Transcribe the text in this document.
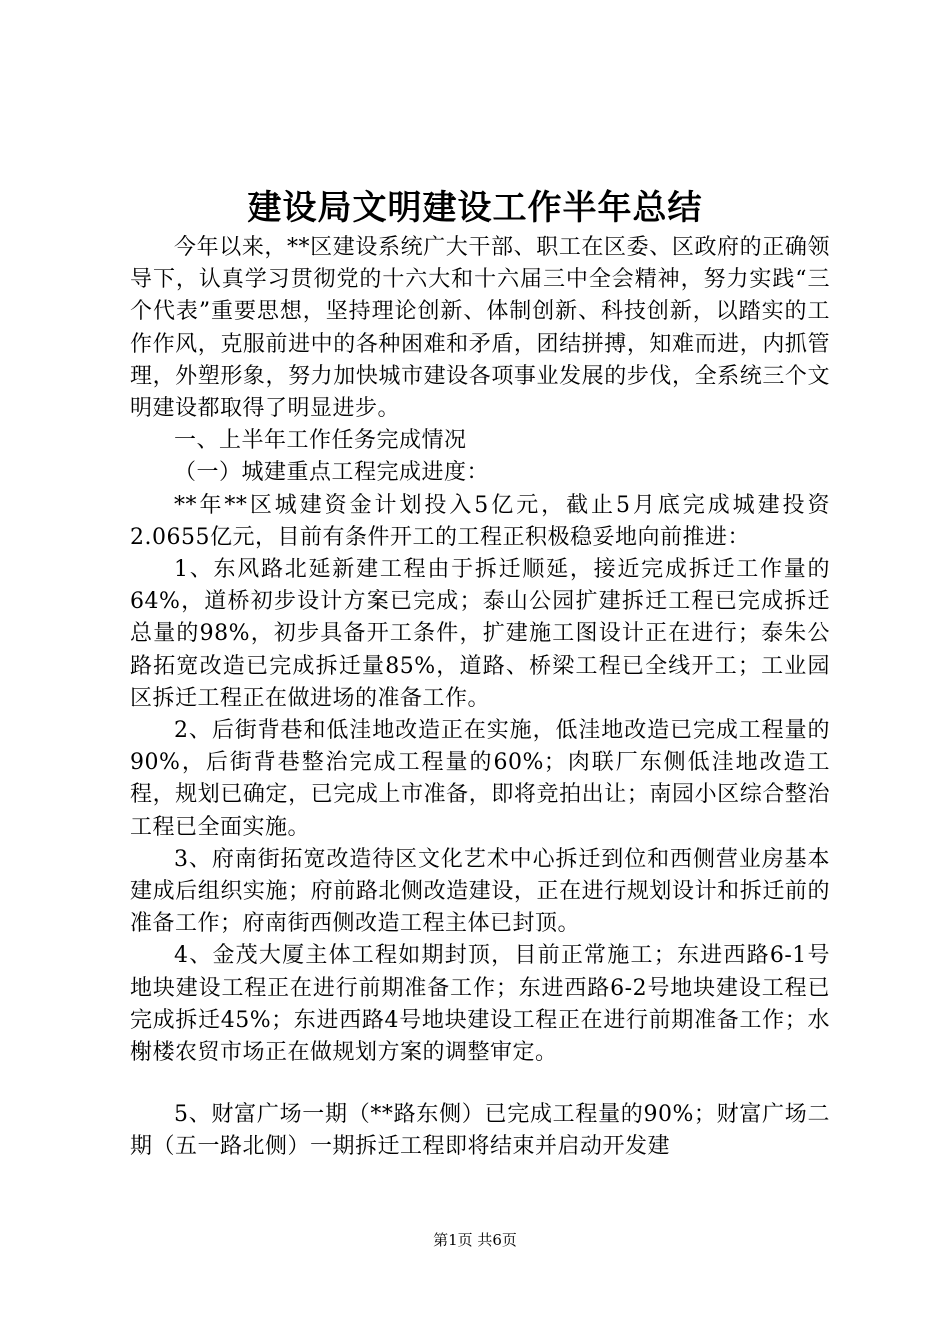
建设局文明建设工作半年总结

今年以来，**区建设系统广大干部、职工在区委、区政府的正确领导下，认真学习贯彻党的十六大和十六届三中全会精神，努力实践“三个代表”重要思想，坚持理论创新、体制创新、科技创新，以踏实的工作作风，克服前进中的各种困难和矛盾，团结拼搏，知难而进，内抓管理，外塑形象，努力加快城市建设各项事业发展的步伐，全系统三个文明建设都取得了明显进步。

一、上半年工作任务完成情况

（一）城建重点工程完成进度：

**年**区城建资金计划投入5亿元，截止5月底完成城建投资2.0655亿元，目前有条件开工的工程正积极稳妥地向前推进：

1、东风路北延新建工程由于拆迁顺延，接近完成拆迁工作量的64%，道桥初步设计方案已完成；泰山公园扩建拆迁工程已完成拆迁总量的98%，初步具备开工条件，扩建施工图设计正在进行；泰朱公路拓宽改造已完成拆迁量85%，道路、桥梁工程已全线开工；工业园区拆迁工程正在做进场的准备工作。

2、后街背巷和低洼地改造正在实施，低洼地改造已完成工程量的90%，后街背巷整治完成工程量的60%；肉联厂东侧低洼地改造工程，规划已确定，已完成上市准备，即将竞拍出让；南园小区综合整治工程已全面实施。

3、府南街拓宽改造待区文化艺术中心拆迁到位和西侧营业房基本建成后组织实施；府前路北侧改造建设，正在进行规划设计和拆迁前的准备工作；府南街西侧改造工程主体已封顶。

4、金茂大厦主体工程如期封顶，目前正常施工；东进西路6-1号地块建设工程正在进行前期准备工作；东进西路6-2号地块建设工程已完成拆迁45%；东进西路4号地块建设工程正在进行前期准备工作；水榭楼农贸市场正在做规划方案的调整审定。

5、财富广场一期（**路东侧）已完成工程量的90%；财富广场二期（五一路北侧）一期拆迁工程即将结束并启动开发建

第1页 共6页
